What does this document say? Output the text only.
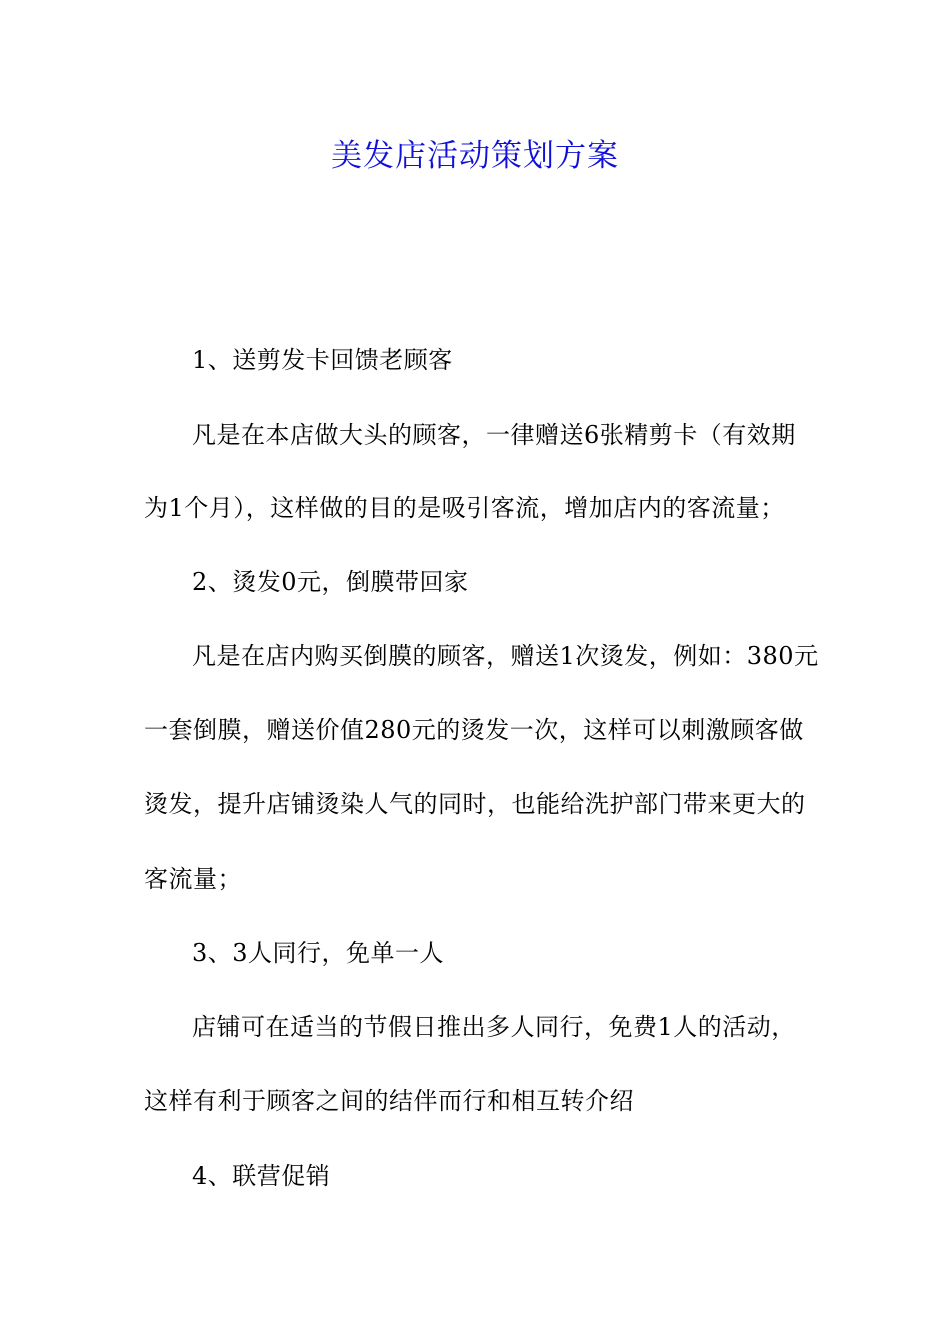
美发店活动策划方案
1、送剪发卡回馈老顾客
凡是在本店做大头的顾客，一律赠送6张精剪卡（有效期
为1个月），这样做的目的是吸引客流，增加店内的客流量；
2、烫发0元，倒膜带回家
凡是在店内购买倒膜的顾客，赠送1次烫发，例如：380元
一套倒膜，赠送价值280元的烫发一次，这样可以刺激顾客做
烫发，提升店铺烫染人气的同时，也能给洗护部门带来更大的
客流量；
3、3人同行，免单一人
店铺可在适当的节假日推出多人同行，免费1人的活动，
这样有利于顾客之间的结伴而行和相互转介绍
4、联营促销
